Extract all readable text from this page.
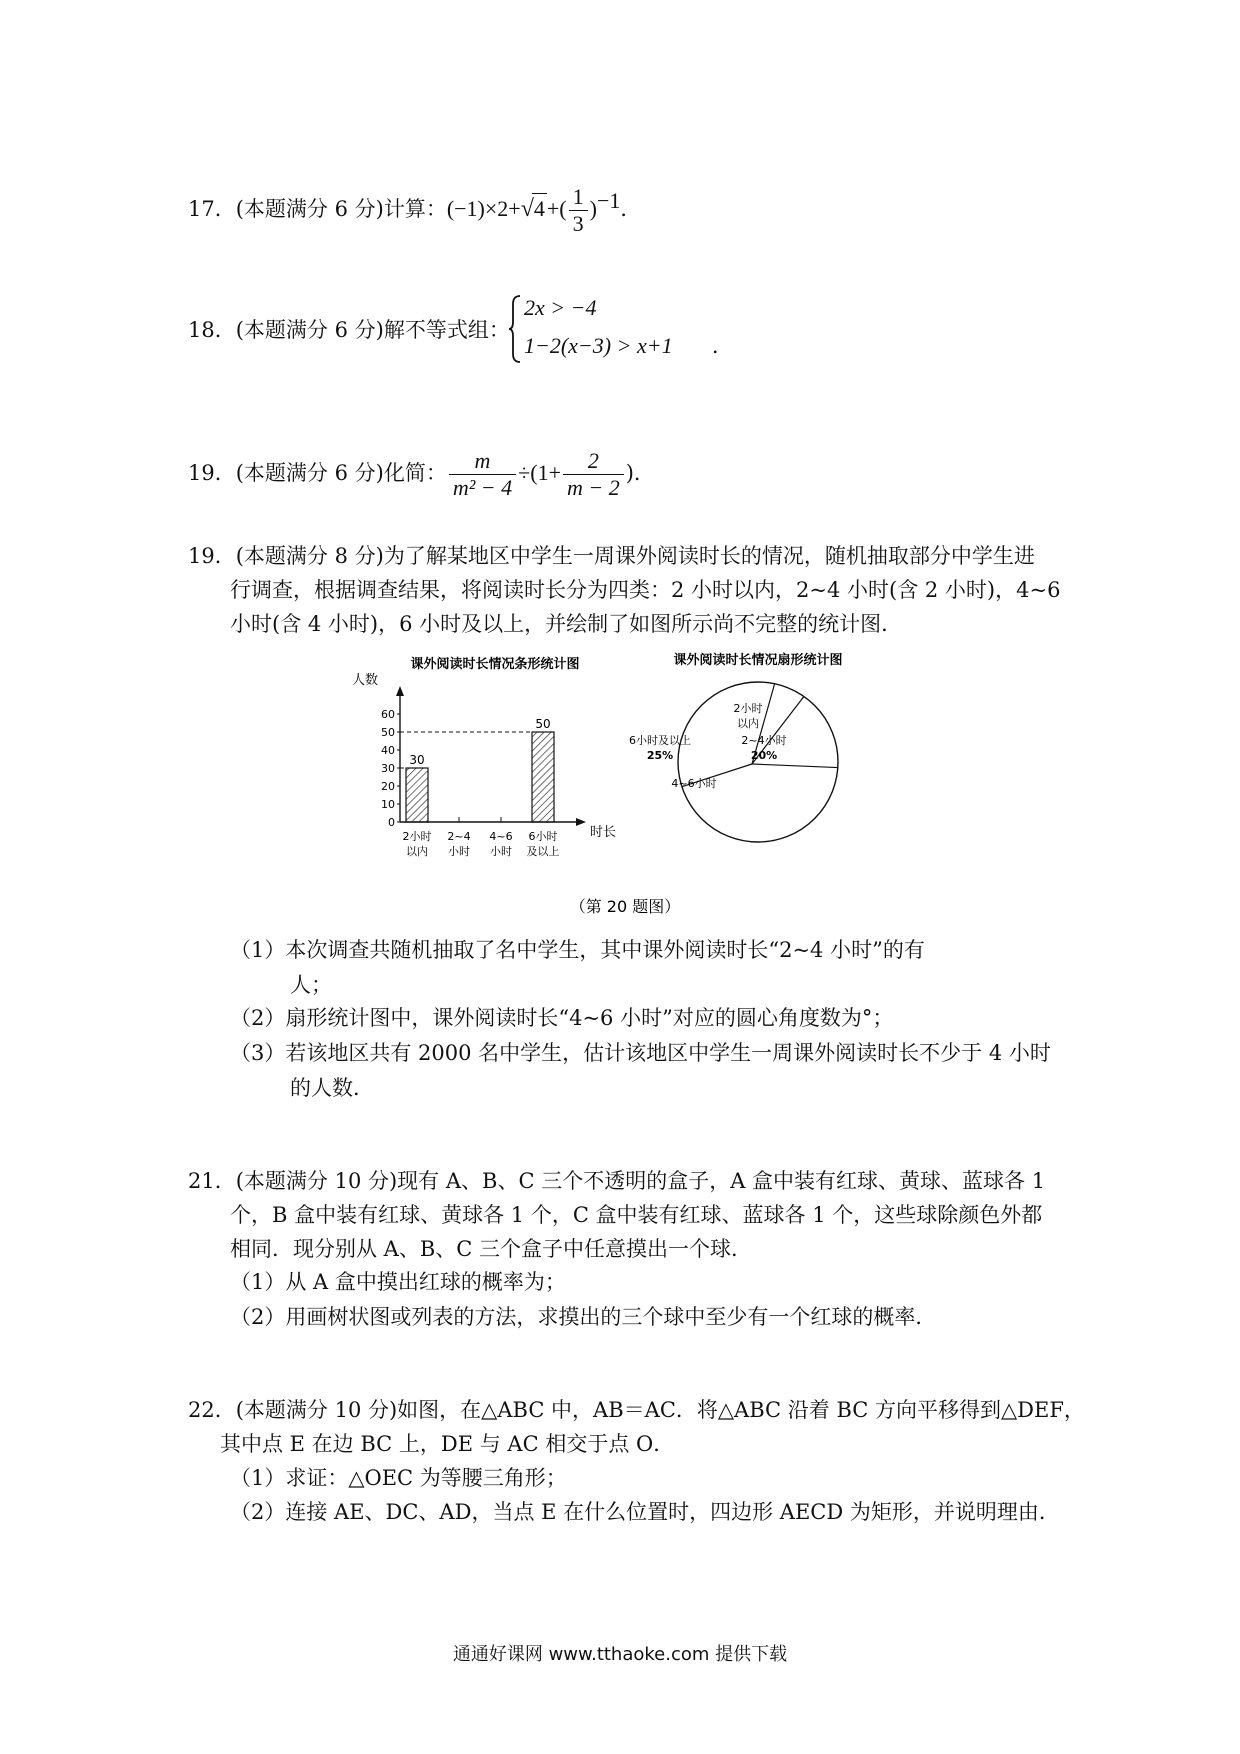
17．(本题满分 6 分)计算：$(-1)\times 2+√4+( \frac{1}{3} )^{-1}$．
18．(本题满分 6 分)解不等式组：
2x > −4
1−2(x−3) > x+1 ．
19．(本题满分 6 分)化简： $\frac{m}{\text{m² − 4}} \div(1+ \frac{2}{m - 2}$ )．
19．(本题满分 8 分)为了解某地区中学生一周课外阅读时长的情况，随机抽取部分中学生进
行调查，根据调查结果，将阅读时长分为四类：2 小时以内，2~4 小时(含 2 小时)，4~6
小时(含 4 小时)，6 小时及以上，并绘制了如图所示尚不完整的统计图．
课外阅读时长情况条形统计图	课外阅读时长情况扇形统计图
人数
时长
0
10
20
30
40
50
60
30
2小时
以内
2~4
小时
4~6
小时
50
6小时
及以上
2小时
以内
2~4小时
20%
4~6小时
6小时及以上
25%
（第 20 题图）
（1）本次调查共随机抽取了名中学生，其中课外阅读时长“2~4 小时”的有
人；
（2）扇形统计图中，课外阅读时长“4~6 小时”对应的圆心角度数为°；
（3）若该地区共有 2000 名中学生，估计该地区中学生一周课外阅读时长不少于 4 小时
的人数．
21．(本题满分 10 分)现有 A、B、C 三个不透明的盒子，A 盒中装有红球、黄球、蓝球各 1
个，B 盒中装有红球、黄球各 1 个，C 盒中装有红球、蓝球各 1 个，这些球除颜色外都
相同．现分别从 A、B、C 三个盒子中任意摸出一个球．
（1）从 A 盒中摸出红球的概率为；
（2）用画树状图或列表的方法，求摸出的三个球中至少有一个红球的概率．
22．(本题满分 10 分)如图，在△ABC 中，AB＝AC．将△ABC 沿着 BC 方向平移得到△DEF，
其中点 E 在边 BC 上，DE 与 AC 相交于点 O．
（1）求证：△OEC 为等腰三角形；
（2）连接 AE、DC、AD，当点 E 在什么位置时，四边形 AECD 为矩形，并说明理由．
通通好课网 www.tthaoke.com 提供下载
